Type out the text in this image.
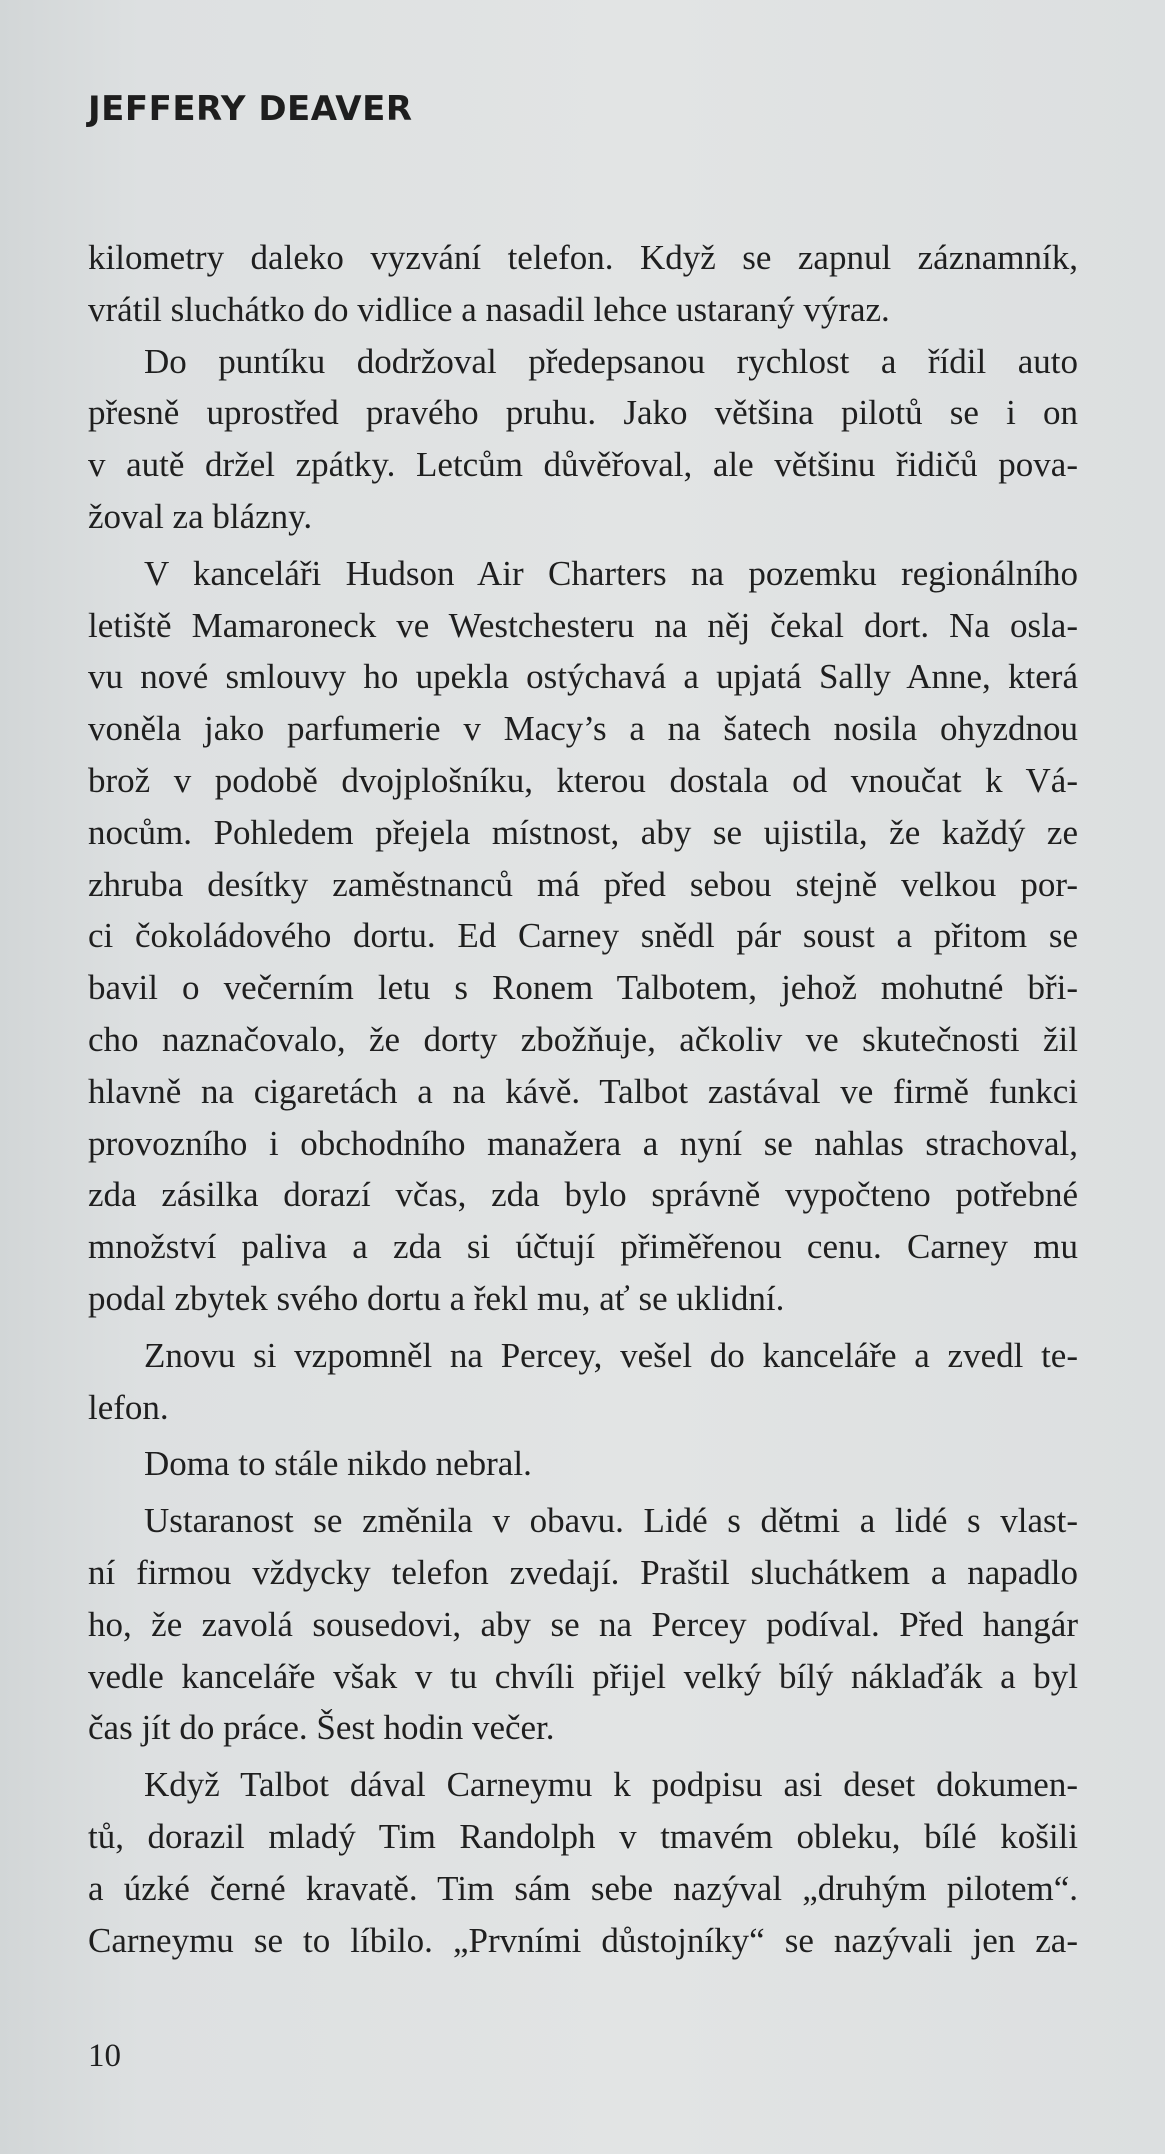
JEFFERY DEAVER
kilometry daleko vyzvání telefon. Když se zapnul záznamník,
vrátil sluchátko do vidlice a nasadil lehce ustaraný výraz.
Do puntíku dodržoval předepsanou rychlost a řídil auto
přesně uprostřed pravého pruhu. Jako většina pilotů se i on
v autě držel zpátky. Letcům důvěřoval, ale většinu řidičů pova-
žoval za blázny.
V kanceláři Hudson Air Charters na pozemku regionálního
letiště Mamaroneck ve Westchesteru na něj čekal dort. Na osla-
vu nové smlouvy ho upekla ostýchavá a upjatá Sally Anne, která
voněla jako parfumerie v Macy’s a na šatech nosila ohyzdnou
brož v podobě dvojplošníku, kterou dostala od vnoučat k Vá-
nocům. Pohledem přejela místnost, aby se ujistila, že každý ze
zhruba desítky zaměstnanců má před sebou stejně velkou por-
ci čokoládového dortu. Ed Carney snědl pár soust a přitom se
bavil o večerním letu s Ronem Talbotem, jehož mohutné bři-
cho naznačovalo, že dorty zbožňuje, ačkoliv ve skutečnosti žil
hlavně na cigaretách a na kávě. Talbot zastával ve firmě funkci
provozního i obchodního manažera a nyní se nahlas strachoval,
zda zásilka dorazí včas, zda bylo správně vypočteno potřebné
množství paliva a zda si účtují přiměřenou cenu. Carney mu
podal zbytek svého dortu a řekl mu, ať se uklidní.
Znovu si vzpomněl na Percey, vešel do kanceláře a zvedl te-
lefon.
Doma to stále nikdo nebral.
Ustaranost se změnila v obavu. Lidé s dětmi a lidé s vlast-
ní firmou vždycky telefon zvedají. Praštil sluchátkem a napadlo
ho, že zavolá sousedovi, aby se na Percey podíval. Před hangár
vedle kanceláře však v tu chvíli přijel velký bílý náklaďák a byl
čas jít do práce. Šest hodin večer.
Když Talbot dával Carneymu k podpisu asi deset dokumen-
tů, dorazil mladý Tim Randolph v tmavém obleku, bílé košili
a úzké černé kravatě. Tim sám sebe nazýval „druhým pilotem“.
Carneymu se to líbilo. „Prvními důstojníky“ se nazývali jen za-
10
